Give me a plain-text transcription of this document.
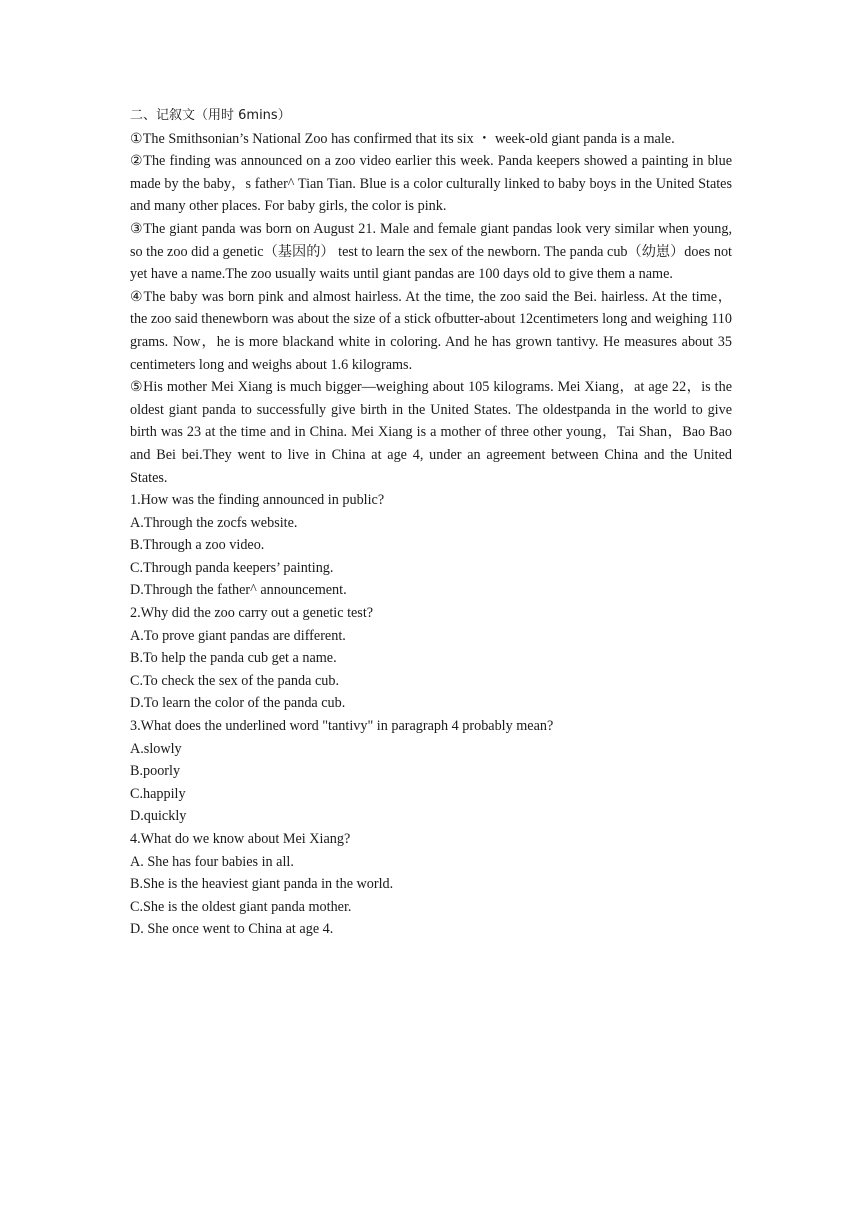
二、记叙文（用时 6mins）
①The Smithsonian’s National Zoo has confirmed that its six ・ week-old giant panda is a male.
②The finding was announced on a zoo video earlier this week. Panda keepers showed a painting in blue made by the baby，s father^ Tian Tian. Blue is a color culturally linked to baby boys in the United States and many other places. For baby girls, the color is pink.
③The giant panda was born on August 21. Male and female giant pandas look very similar when young, so the zoo did a genetic（基因的） test to learn the sex of the newborn. The panda cub（幼崽）does not yet have a name.The zoo usually waits until giant pandas are 100 days old to give them a name.
④The baby was born pink and almost hairless. At the time, the zoo said the Bei. hairless. At the time，the zoo said thenewborn was about the size of a stick ofbutter-about 12centimeters long and weighing 110 grams. Now，he is more blackand white in coloring. And he has grown tantivy. He measures about 35 centimeters long and weighs about 1.6 kilograms.
⑤His mother Mei Xiang is much bigger—weighing about 105 kilograms. Mei Xiang，at age 22，is the oldest giant panda to successfully give birth in the United States. The oldestpanda in the world to give birth was 23 at the time and in China. Mei Xiang is a mother of three other young，Tai Shan，Bao Bao and Bei bei.They went to live in China at age 4, under an agreement between China and the United States.
1.How was the finding announced in public?
A.Through the zocfs website.
B.Through a zoo video.
C.Through panda keepers’ painting.
D.Through the father^ announcement.
2.Why did the zoo carry out a genetic test?
A.To prove giant pandas are different.
B.To help the panda cub get a name.
C.To check the sex of the panda cub.
D.To learn the color of the panda cub.
3.What does the underlined word "tantivy" in paragraph 4 probably mean?
A.slowly
B.poorly
C.happily
D.quickly
4.What do we know about Mei Xiang?
A. She has four babies in all.
B.She is the heaviest giant panda in the world.
C.She is the oldest giant panda mother.
D. She once went to China at age 4.
